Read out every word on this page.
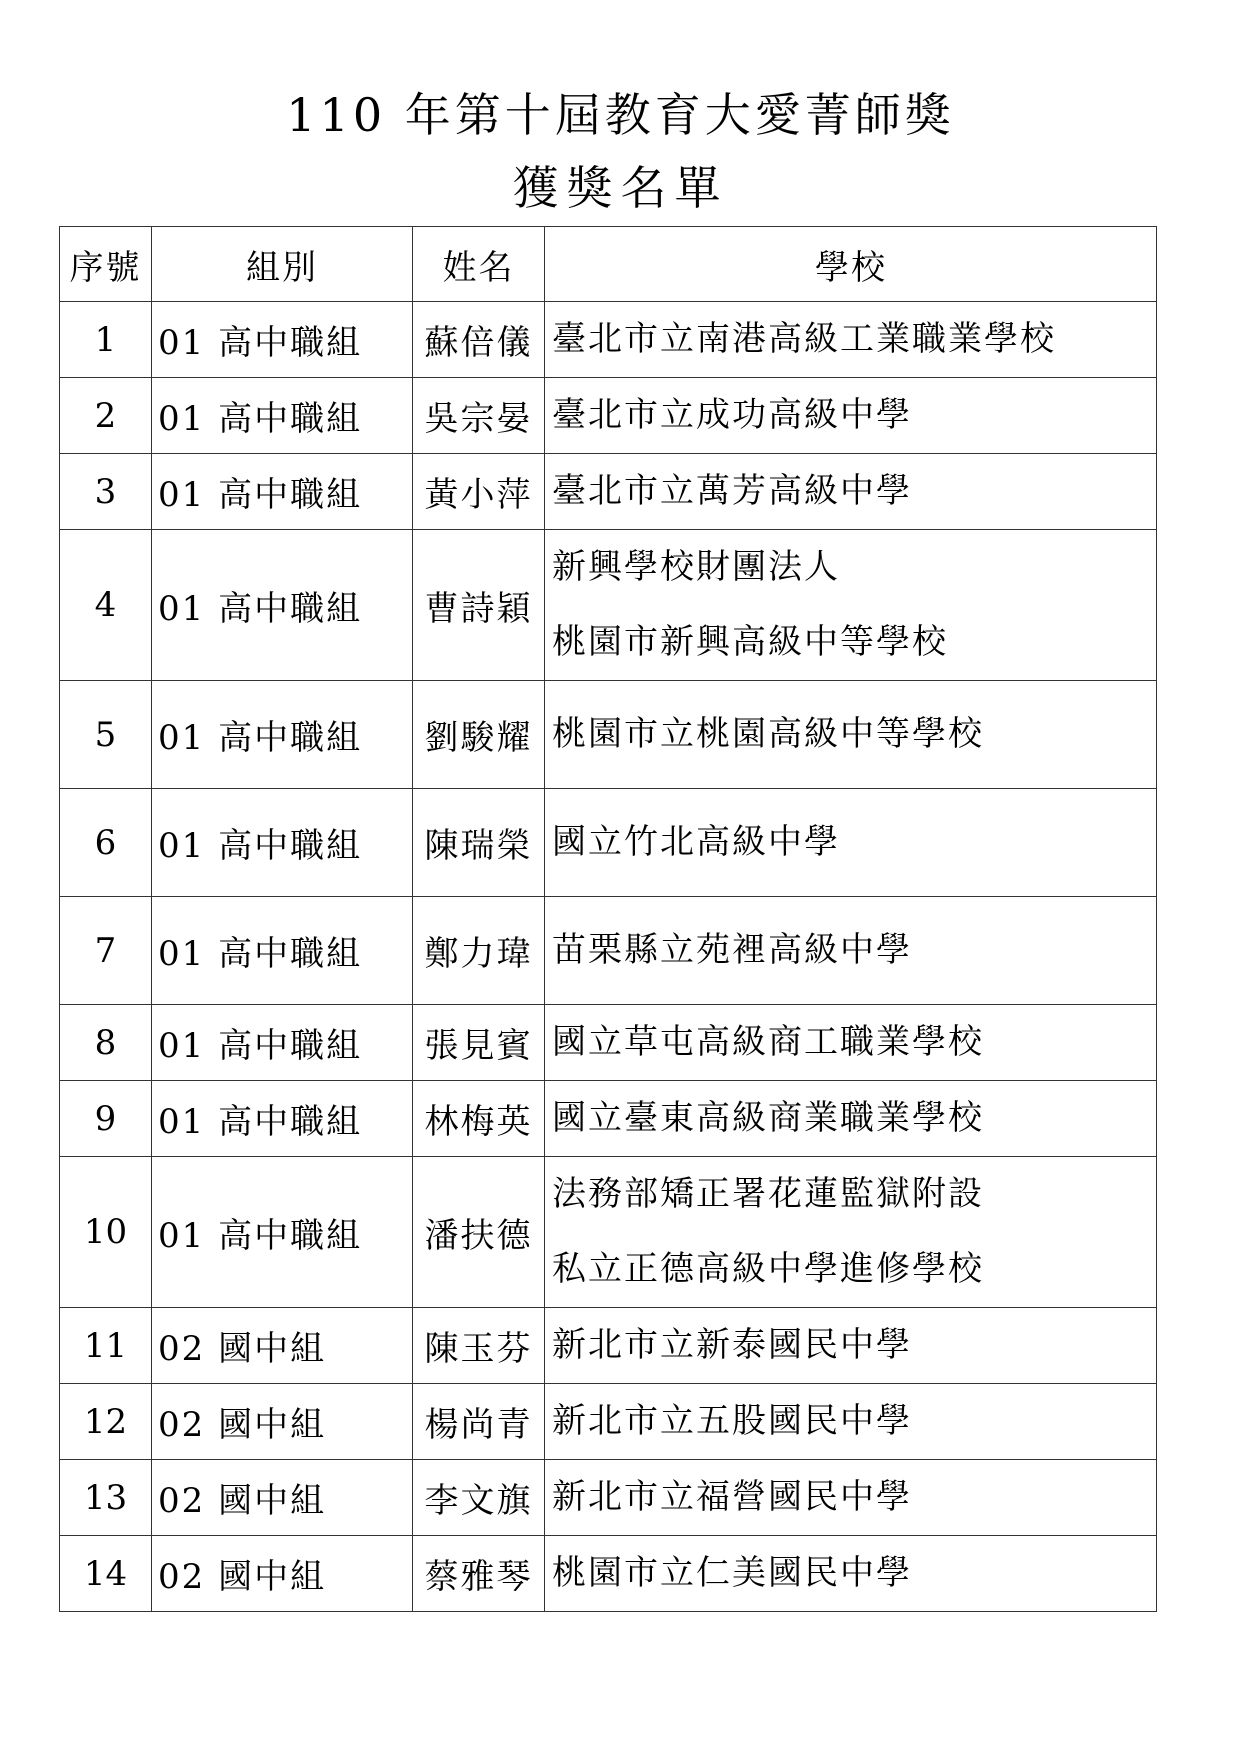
110 年第十屆教育大愛菁師獎
獲獎名單
序號	組別	姓名	學校
1	01 高中職組	蘇倍儀	臺北市立南港高級工業職業學校

2	01 高中職組	吳宗晏	臺北市立成功高級中學

3	01 高中職組	黃小萍	臺北市立萬芳高級中學

4	01 高中職組	曹詩穎	新興學校財團法人
桃園市新興高級中等學校

5	01 高中職組	劉駿耀	桃園市立桃園高級中等學校

6	01 高中職組	陳瑞榮	國立竹北高級中學

7	01 高中職組	鄭力瑋	苗栗縣立苑裡高級中學

8	01 高中職組	張見賓	國立草屯高級商工職業學校

9	01 高中職組	林梅英	國立臺東高級商業職業學校

10	01 高中職組	潘扶德	法務部矯正署花蓮監獄附設
私立正德高級中學進修學校

11	02 國中組	陳玉芬	新北市立新泰國民中學

12	02 國中組	楊尚青	新北市立五股國民中學

13	02 國中組	李文旗	新北市立福營國民中學

14	02 國中組	蔡雅琴	桃園市立仁美國民中學
